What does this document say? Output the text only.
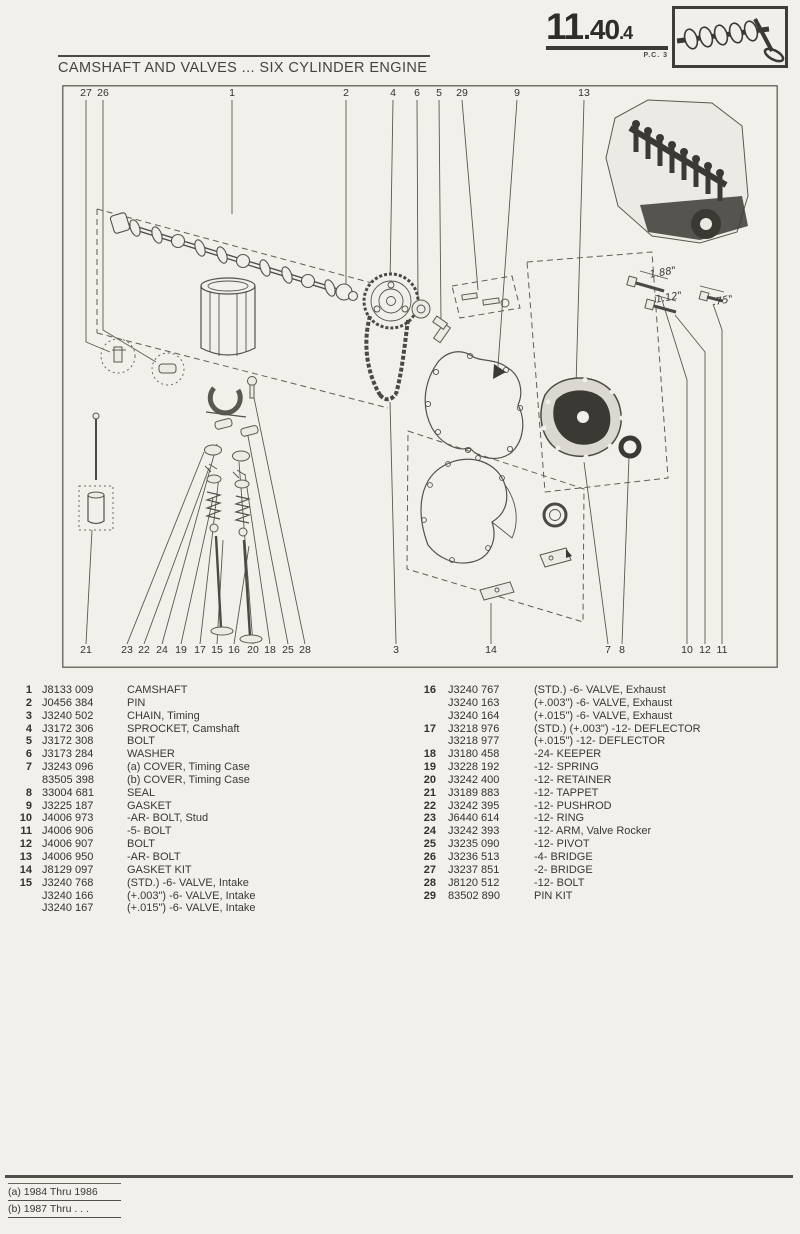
11.40.4
P.C. 3
CAMSHAFT AND VALVES ... SIX CYLINDER ENGINE
27 26	1	2	4 6 5 29	9	13
21	23 22 24 19 17 15 16 20 18 25 28	3	14	7 8	10 12 11
1.88"
1.12"	.75"
1 J8133 009	CAMSHAFT
2 J0456 384	PIN
3 J3240 502	CHAIN, Timing
4 J3172 306	SPROCKET, Camshaft
5 J3172 308	BOLT
6 J3173 284	WASHER
7 J3243 096	(a) COVER, Timing Case
83505 398	(b) COVER, Timing Case
8 33004 681	SEAL
9 J3225 187	GASKET
10 J4006 973	-AR- BOLT, Stud
11 J4006 906	-5- BOLT
12 J4006 907	BOLT
13 J4006 950	-AR- BOLT
14 J8129 097	GASKET KIT
15 J3240 768	(STD.) -6- VALVE, Intake
J3240 166	(+.003") -6- VALVE, Intake
J3240 167	(+.015") -6- VALVE, Intake
16	J3240 767	(STD.) -6- VALVE, Exhaust
J3240 163	(+.003") -6- VALVE, Exhaust
J3240 164	(+.015") -6- VALVE, Exhaust
17	J3218 976	(STD.) (+.003") -12- DEFLECTOR
J3218 977	(+.015") -12- DEFLECTOR
18	J3180 458	-24- KEEPER
19	J3228 192	-12- SPRING
20	J3242 400	-12- RETAINER
21	J3189 883	-12- TAPPET
22	J3242 395	-12- PUSHROD
23	J6440 614	-12- RING
24	J3242 393	-12- ARM, Valve Rocker
25	J3235 090	-12- PIVOT
26	J3236 513	-4- BRIDGE
27	J3237 851	-2- BRIDGE
28	J8120 512	-12- BOLT
29	83502 890	PIN KIT
(a) 1984 Thru 1986
(b) 1987 Thru . . .
